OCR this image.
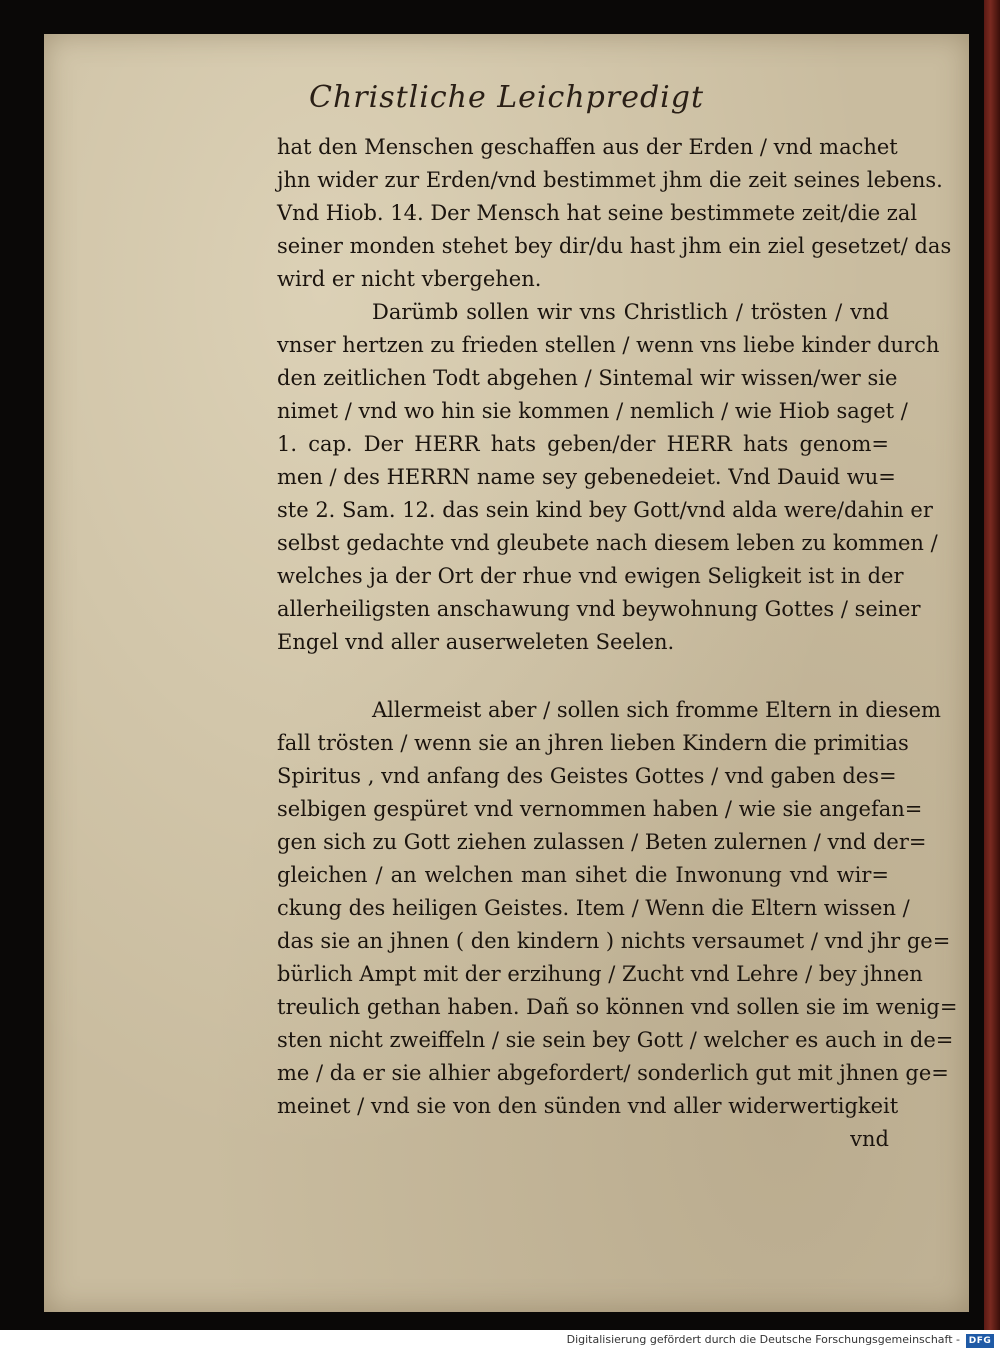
Christliche Leichpredigt
hat den Menschen geschaffen aus der Erden / vnd machet
jhn wider zur Erden/vnd bestimmet jhm die zeit seines lebens.
Vnd Hiob. 14. Der Mensch hat seine bestimmete zeit/die zal
seiner monden stehet bey dir/du hast jhm ein ziel gesetzet/ das
wird er nicht vbergehen.
Darümb sollen wir vns Christlich / trösten / vnd
vnser hertzen zu frieden stellen / wenn vns liebe kinder durch
den zeitlichen Todt abgehen / Sintemal wir wissen/wer sie
nimet / vnd wo hin sie kommen / nemlich / wie Hiob saget /
1. cap. Der HERR hats geben/der HERR hats genom=
men / des HERRN name sey gebenedeiet. Vnd Dauid wu=
ste 2. Sam. 12. das sein kind bey Gott/vnd alda were/dahin er
selbst gedachte vnd gleubete nach diesem leben zu kommen /
welches ja der Ort der rhue vnd ewigen Seligkeit ist in der
allerheiligsten anschawung vnd beywohnung Gottes / seiner
Engel vnd aller auserweleten Seelen.
Allermeist aber / sollen sich fromme Eltern in diesem
fall trösten / wenn sie an jhren lieben Kindern die primitias
Spiritus , vnd anfang des Geistes Gottes / vnd gaben des=
selbigen gespüret vnd vernommen haben / wie sie angefan=
gen sich zu Gott ziehen zulassen / Beten zulernen / vnd der=
gleichen / an welchen man sihet die Inwonung vnd wir=
ckung des heiligen Geistes. Item / Wenn die Eltern wissen /
das sie an jhnen ( den kindern ) nichts versaumet / vnd jhr ge=
bürlich Ampt mit der erzihung / Zucht vnd Lehre / bey jhnen
treulich gethan haben. Dañ so können vnd sollen sie im wenig=
sten nicht zweiffeln / sie sein bey Gott / welcher es auch in de=
me / da er sie alhier abgefordert/ sonderlich gut mit jhnen ge=
meinet / vnd sie von den sünden vnd aller widerwertigkeit
vnd
Digitalisierung gefördert durch die Deutsche Forschungsgemeinschaft - DFG
